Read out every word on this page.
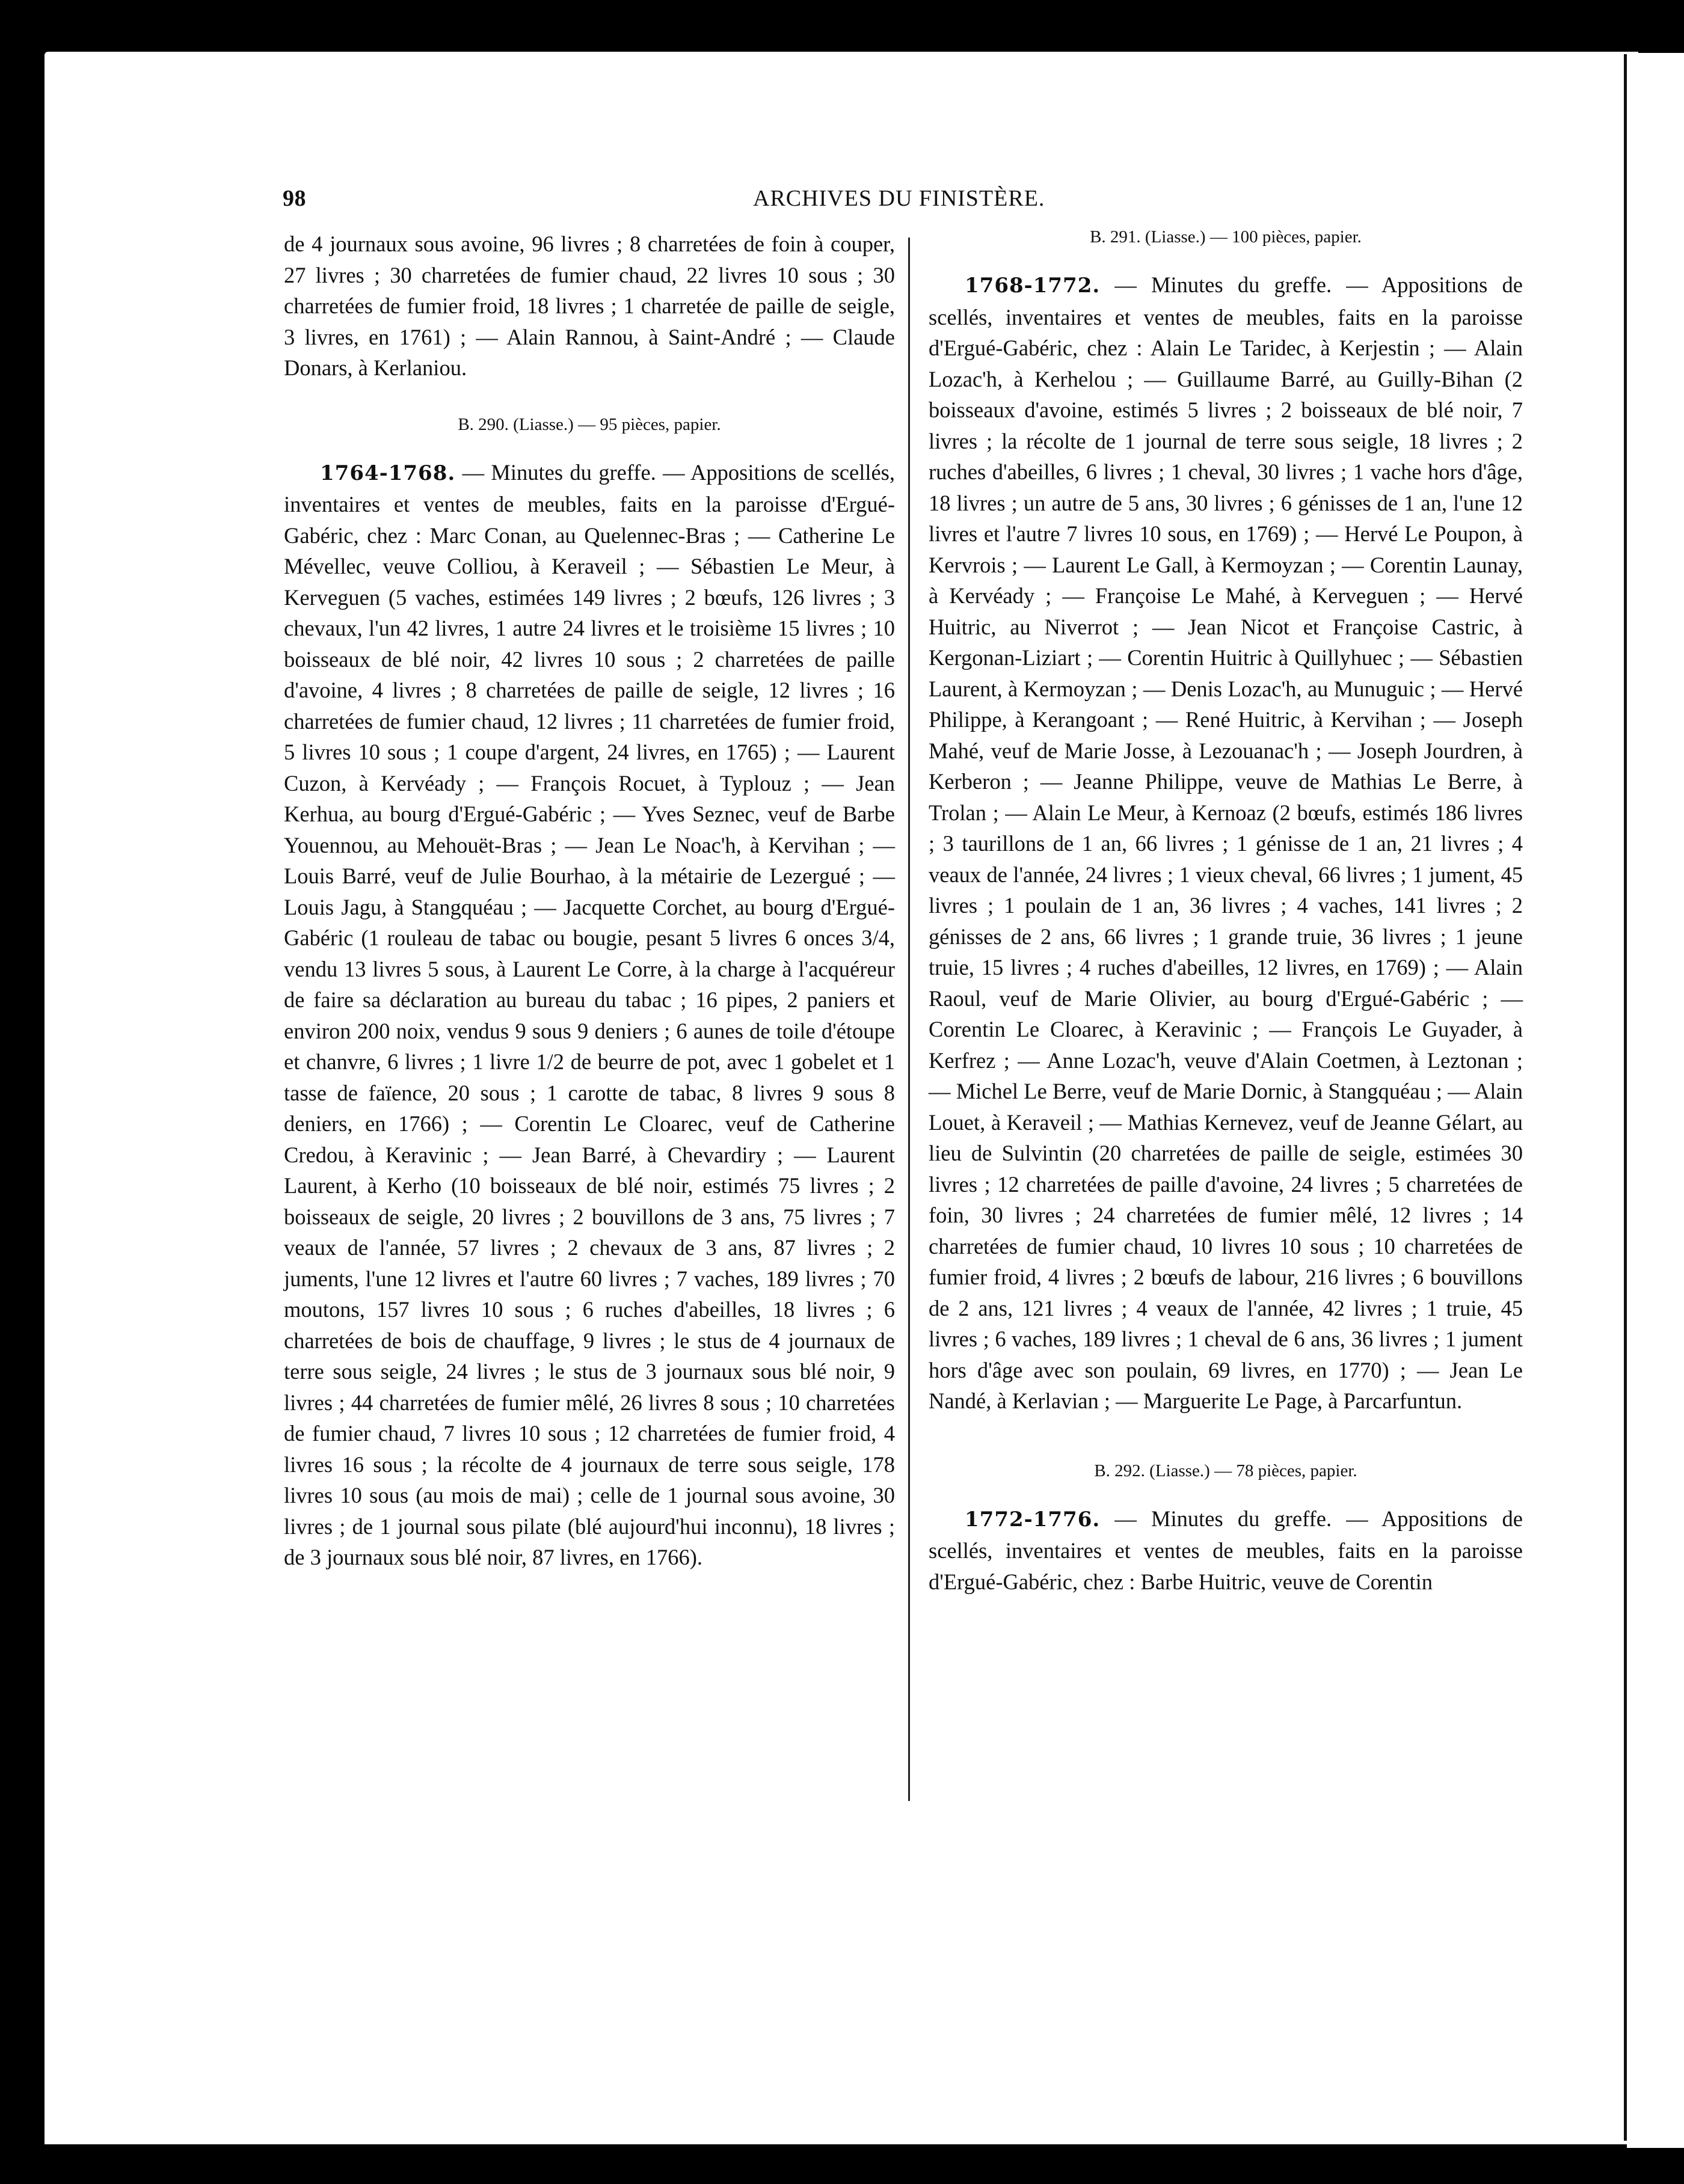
98	ARCHIVES DU FINISTÈRE.

de 4 journaux sous avoine, 96 livres ; 8 charretées de foin à couper, 27 livres ; 30 charretées de fumier chaud, 22 livres 10 sous ; 30 charretées de fumier froid, 18 livres ; 1 charretée de paille de seigle, 3 livres, en 1761) ; — Alain Rannou, à Saint-André ; — Claude Donars, à Kerlaniou.

B. 290. (Liasse.) — 95 pièces, papier.

1764-1768. — Minutes du greffe. — Appositions de scellés, inventaires et ventes de meubles, faits en la paroisse d'Ergué-Gabéric, chez : Marc Conan, au Quelennec-Bras ; — Catherine Le Mévellec, veuve Colliou, à Keraveil ; — Sébastien Le Meur, à Kerveguen (5 vaches, estimées 149 livres ; 2 bœufs, 126 livres ; 3 chevaux, l'un 42 livres, 1 autre 24 livres et le troisième 15 livres ; 10 boisseaux de blé noir, 42 livres 10 sous ; 2 charretées de paille d'avoine, 4 livres ; 8 charretées de paille de seigle, 12 livres ; 16 charretées de fumier chaud, 12 livres ; 11 charretées de fumier froid, 5 livres 10 sous ; 1 coupe d'argent, 24 livres, en 1765) ; — Laurent Cuzon, à Kervéady ; — François Rocuet, à Typlouz ; — Jean Kerhua, au bourg d'Ergué-Gabéric ; — Yves Seznec, veuf de Barbe Youennou, au Mehouët-Bras ; — Jean Le Noac'h, à Kervihan ; — Louis Barré, veuf de Julie Bourhao, à la métairie de Lezergué ; — Louis Jagu, à Stangquéau ; — Jacquette Corchet, au bourg d'Ergué-Gabéric (1 rouleau de tabac ou bougie, pesant 5 livres 6 onces 3/4, vendu 13 livres 5 sous, à Laurent Le Corre, à la charge à l'acquéreur de faire sa déclaration au bureau du tabac ; 16 pipes, 2 paniers et environ 200 noix, vendus 9 sous 9 deniers ; 6 aunes de toile d'étoupe et chanvre, 6 livres ; 1 livre 1/2 de beurre de pot, avec 1 gobelet et 1 tasse de faïence, 20 sous ; 1 carotte de tabac, 8 livres 9 sous 8 deniers, en 1766) ; — Corentin Le Cloarec, veuf de Catherine Credou, à Keravinic ; — Jean Barré, à Chevardiry ; — Laurent Laurent, à Kerho (10 boisseaux de blé noir, estimés 75 livres ; 2 boisseaux de seigle, 20 livres ; 2 bouvillons de 3 ans, 75 livres ; 7 veaux de l'année, 57 livres ; 2 chevaux de 3 ans, 87 livres ; 2 juments, l'une 12 livres et l'autre 60 livres ; 7 vaches, 189 livres ; 70 moutons, 157 livres 10 sous ; 6 ruches d'abeilles, 18 livres ; 6 charretées de bois de chauffage, 9 livres ; le stus de 4 journaux de terre sous seigle, 24 livres ; le stus de 3 journaux sous blé noir, 9 livres ; 44 charretées de fumier mêlé, 26 livres 8 sous ; 10 charretées de fumier chaud, 7 livres 10 sous ; 12 charretées de fumier froid, 4 livres 16 sous ; la récolte de 4 journaux de terre sous seigle, 178 livres 10 sous (au mois de mai) ; celle de 1 journal sous avoine, 30 livres ; de 1 journal sous pilate (blé aujourd'hui inconnu), 18 livres ; de 3 journaux sous blé noir, 87 livres, en 1766).

B. 291. (Liasse.) — 100 pièces, papier.

1768-1772. — Minutes du greffe. — Appositions de scellés, inventaires et ventes de meubles, faits en la paroisse d'Ergué-Gabéric, chez : Alain Le Taridec, à Kerjestin ; — Alain Lozac'h, à Kerhelou ; — Guillaume Barré, au Guilly-Bihan (2 boisseaux d'avoine, estimés 5 livres ; 2 boisseaux de blé noir, 7 livres ; la récolte de 1 journal de terre sous seigle, 18 livres ; 2 ruches d'abeilles, 6 livres ; 1 cheval, 30 livres ; 1 vache hors d'âge, 18 livres ; un autre de 5 ans, 30 livres ; 6 génisses de 1 an, l'une 12 livres et l'autre 7 livres 10 sous, en 1769) ; — Hervé Le Poupon, à Kervrois ; — Laurent Le Gall, à Kermoyzan ; — Corentin Launay, à Kervéady ; — Françoise Le Mahé, à Kerveguen ; — Hervé Huitric, au Niverrot ; — Jean Nicot et Françoise Castric, à Kergonan-Liziart ; — Corentin Huitric à Quillyhuec ; — Sébastien Laurent, à Kermoyzan ; — Denis Lozac'h, au Munuguic ; — Hervé Philippe, à Kerangoant ; — René Huitric, à Kervihan ; — Joseph Mahé, veuf de Marie Josse, à Lezouanac'h ; — Joseph Jourdren, à Kerberon ; — Jeanne Philippe, veuve de Mathias Le Berre, à Trolan ; — Alain Le Meur, à Kernoaz (2 bœufs, estimés 186 livres ; 3 taurillons de 1 an, 66 livres ; 1 génisse de 1 an, 21 livres ; 4 veaux de l'année, 24 livres ; 1 vieux cheval, 66 livres ; 1 jument, 45 livres ; 1 poulain de 1 an, 36 livres ; 4 vaches, 141 livres ; 2 génisses de 2 ans, 66 livres ; 1 grande truie, 36 livres ; 1 jeune truie, 15 livres ; 4 ruches d'abeilles, 12 livres, en 1769) ; — Alain Raoul, veuf de Marie Olivier, au bourg d'Ergué-Gabéric ; — Corentin Le Cloarec, à Keravinic ; — François Le Guyader, à Kerfrez ; — Anne Lozac'h, veuve d'Alain Coetmen, à Leztonan ; — Michel Le Berre, veuf de Marie Dornic, à Stangquéau ; — Alain Louet, à Keraveil ; — Mathias Kernevez, veuf de Jeanne Gélart, au lieu de Sulvintin (20 charretées de paille de seigle, estimées 30 livres ; 12 charretées de paille d'avoine, 24 livres ; 5 charretées de foin, 30 livres ; 24 charretées de fumier mêlé, 12 livres ; 14 charretées de fumier chaud, 10 livres 10 sous ; 10 charretées de fumier froid, 4 livres ; 2 bœufs de labour, 216 livres ; 6 bouvillons de 2 ans, 121 livres ; 4 veaux de l'année, 42 livres ; 1 truie, 45 livres ; 6 vaches, 189 livres ; 1 cheval de 6 ans, 36 livres ; 1 jument hors d'âge avec son poulain, 69 livres, en 1770) ; — Jean Le Nandé, à Kerlavian ; — Marguerite Le Page, à Parcarfuntun.

B. 292. (Liasse.) — 78 pièces, papier.

1772-1776. — Minutes du greffe. — Appositions de scellés, inventaires et ventes de meubles, faits en la paroisse d'Ergué-Gabéric, chez : Barbe Huitric, veuve de Corentin
